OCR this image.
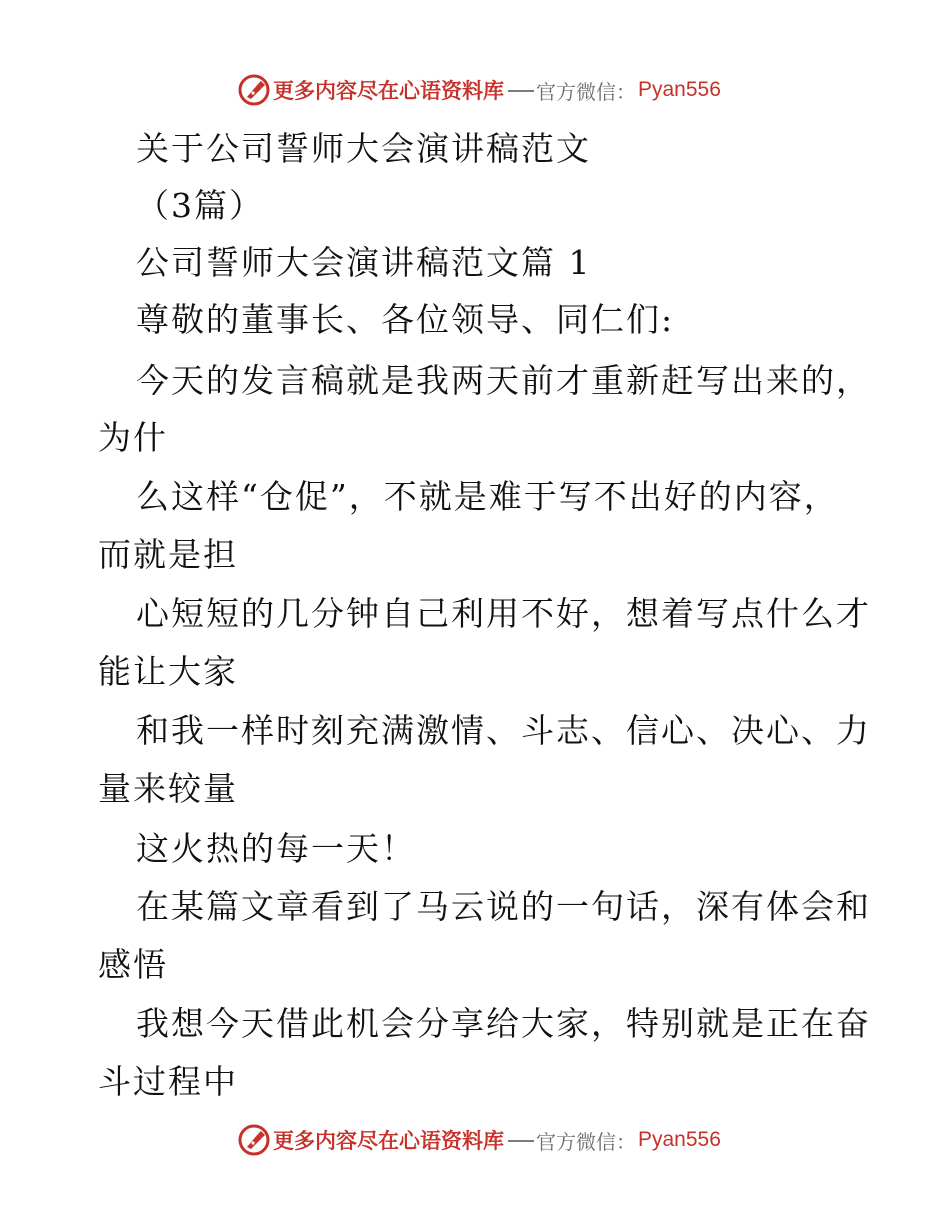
更多内容尽在心语资料库 官方微信： Pyan556
关于公司誓师大会演讲稿范文
（3篇）
公司誓师大会演讲稿范文篇 1
尊敬的董事长、各位领导、同仁们:
今天的发言稿就是我两天前才重新赶写出来的，
为什
么这样“仓促”，不就是难于写不出好的内容，
而就是担
心短短的几分钟自己利用不好，想着写点什么才
能让大家
和我一样时刻充满激情、斗志、信心、决心、力
量来较量
这火热的每一天！
在某篇文章看到了马云说的一句话，深有体会和
感悟
我想今天借此机会分享给大家，特别就是正在奋
斗过程中
更多内容尽在心语资料库 官方微信： Pyan556
